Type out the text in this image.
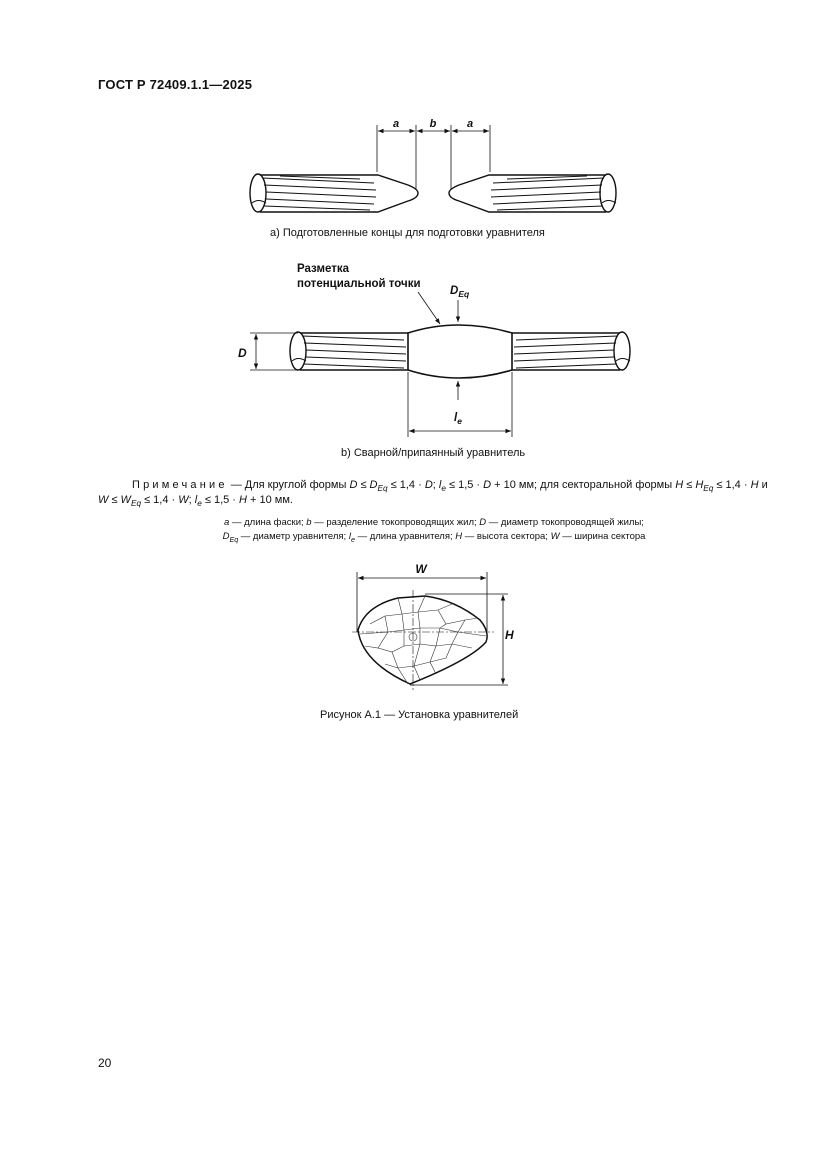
ГОСТ Р 72409.1.1—2025
a	b	a
Разметка
потенциальной точки
$D_{Eq}$
D
$l_e$
W
H
a) Подготовленные концы для подготовки уравнителя
b) Сварной/припаянный уравнитель
Примечание — Для круглой формы $D \le D_{Eq} \le 1,4 \cdot D$; $l_e \le 1,5 \cdot D + 10$ мм; для секторальной формы $H \le H_{Eq} \le 1,4 \cdot H$ и $W \le W_{Eq} \le 1,4 \cdot W$; $l_e \le 1,5 \cdot H + 10$ мм.
a — длина фаски; b — разделение токопроводящих жил; D — диаметр токопроводящей жилы;
$D_{Eq}$ — диаметр уравнителя; $l_e$ — длина уравнителя; H — высота сектора; W — ширина сектора
Рисунок А.1 — Установка уравнителей
20
